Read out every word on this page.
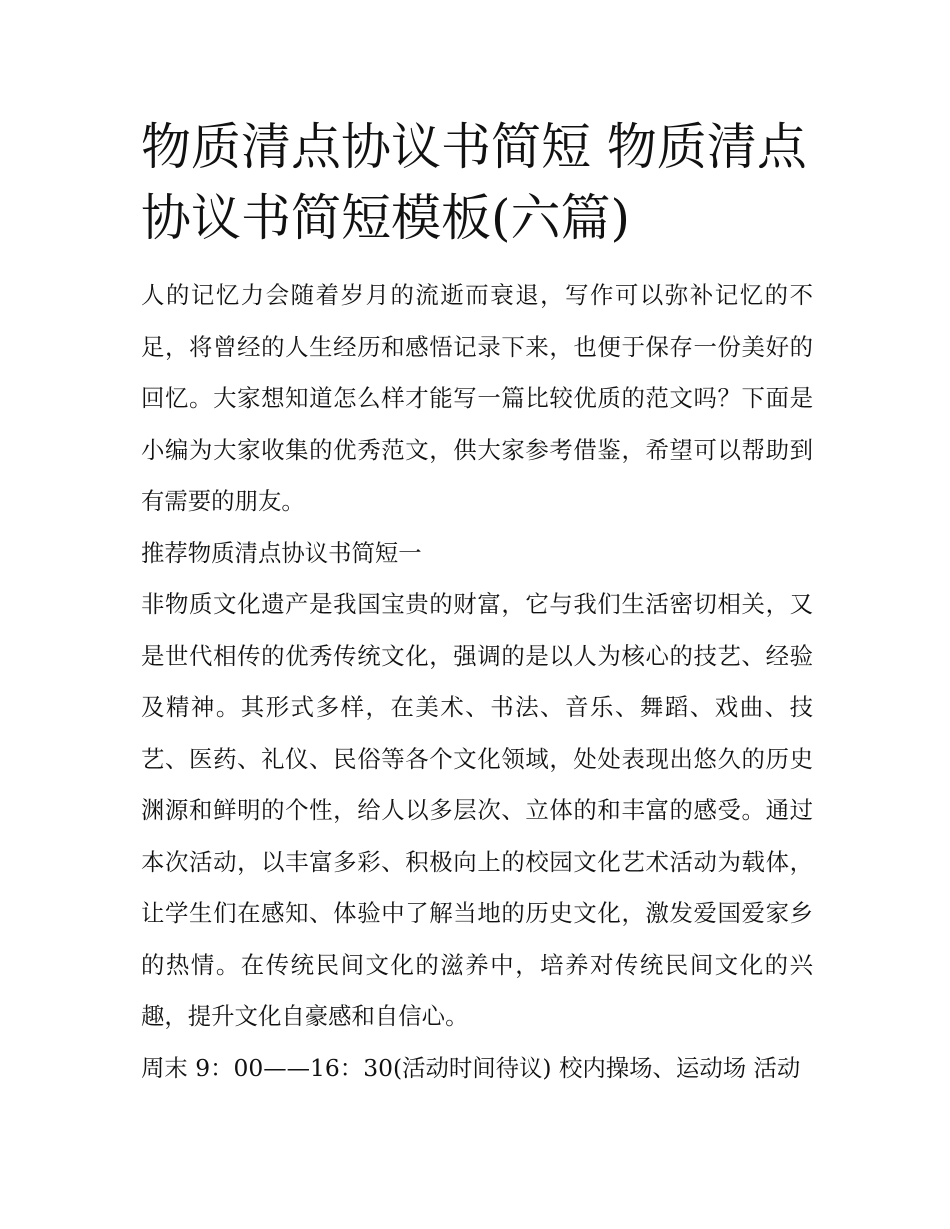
物质清点协议书简短 物质清点协议书简短模板(六篇)

人的记忆力会随着岁月的流逝而衰退，写作可以弥补记忆的不足，将曾经的人生经历和感悟记录下来，也便于保存一份美好的回忆。大家想知道怎么样才能写一篇比较优质的范文吗？下面是小编为大家收集的优秀范文，供大家参考借鉴，希望可以帮助到有需要的朋友。

推荐物质清点协议书简短一

非物质文化遗产是我国宝贵的财富，它与我们生活密切相关，又是世代相传的优秀传统文化，强调的是以人为核心的技艺、经验及精神。其形式多样，在美术、书法、音乐、舞蹈、戏曲、技艺、医药、礼仪、民俗等各个文化领域，处处表现出悠久的历史渊源和鲜明的个性，给人以多层次、立体的和丰富的感受。通过本次活动，以丰富多彩、积极向上的校园文化艺术活动为载体，让学生们在感知、体验中了解当地的历史文化，激发爱国爱家乡的热情。在传统民间文化的滋养中，培养对传统民间文化的兴趣，提升文化自豪感和自信心。

周末 9：00——16：30(活动时间待议) 校内操场、运动场 活动
